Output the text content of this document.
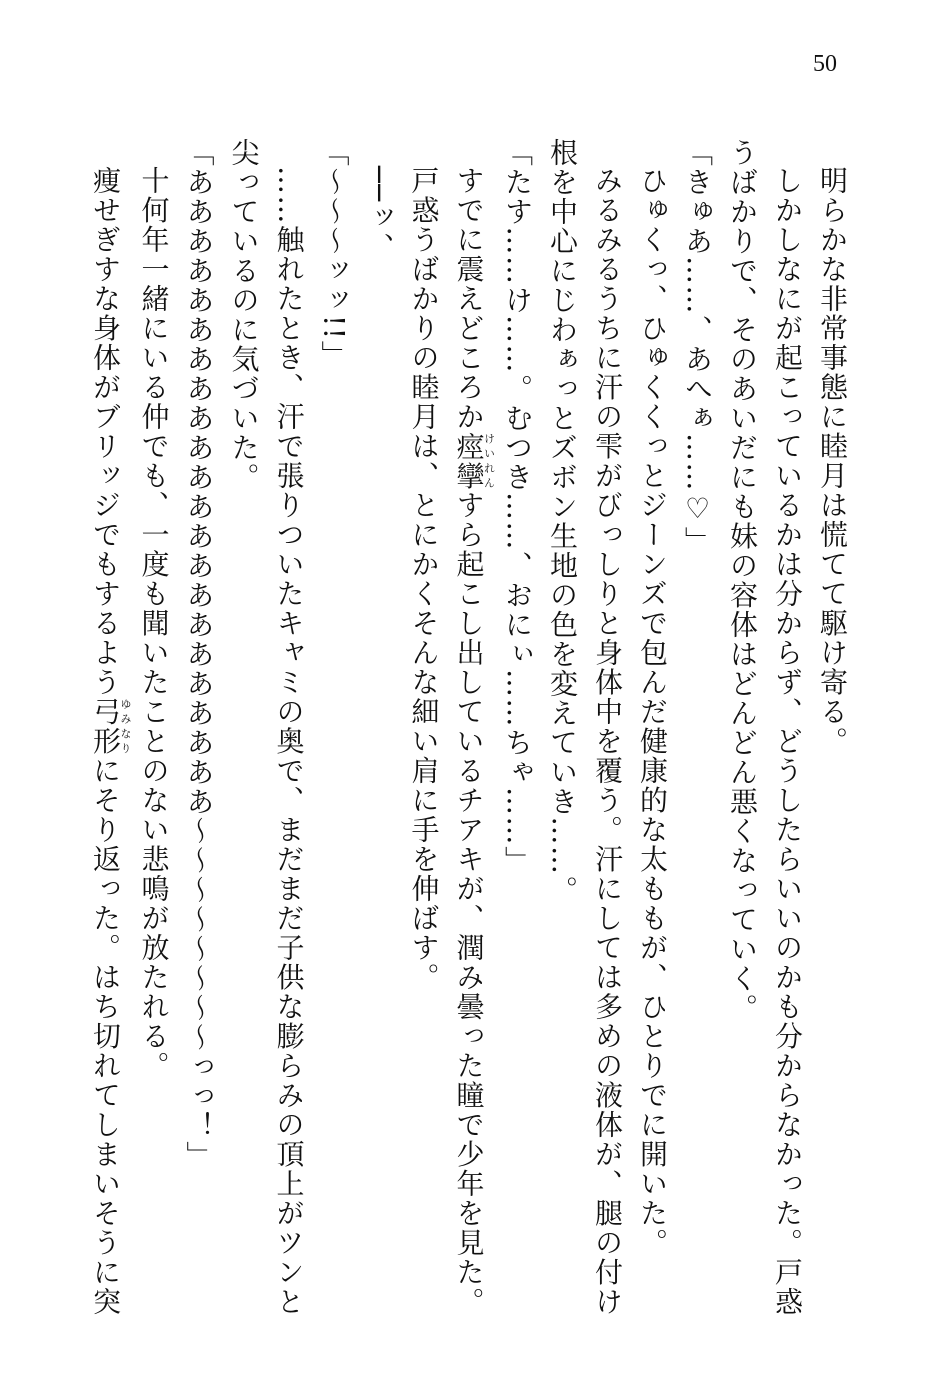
50
明らかな非常事態に睦月は慌てて駆け寄る。
しかしなにが起こっているかは分からず、どうしたらいいのかも分からなかった。戸惑
うばかりで、そのあいだにも妹の容体はどんどん悪くなっていく。
「きゅあ……、あへぁ……♡」
ひゅくっ、ひゅくくっとジーンズで包んだ健康的な太ももが、ひとりでに開いた。
みるみるうちに汗の雫がびっしりと身体中を覆う。汗にしては多めの液体が、腿の付け
根を中心にじわぁっとズボン生地の色を変えていき……。
「たす……け……。むつき……、おにぃ……ちゃ……」
すでに震えどころか痙攣けいれんすら起こし出しているチアキが、潤み曇った瞳で少年を見た。
戸惑うばかりの睦月は、とにかくそんな細い肩に手を伸ばす。
──ッ、
「〜〜〜ッッ!!」
……触れたとき、汗で張りついたキャミの奥で、まだまだ子供な膨らみの頂上がツンと
尖っているのに気づいた。
「ああああああああああああああああああああああ〜〜〜〜〜〜〜〜っっ！」
十何年一緒にいる仲でも、一度も聞いたことのない悲鳴が放たれる。
痩せぎすな身体がブリッジでもするよう弓形ゆみなりにそり返った。はち切れてしまいそうに突
